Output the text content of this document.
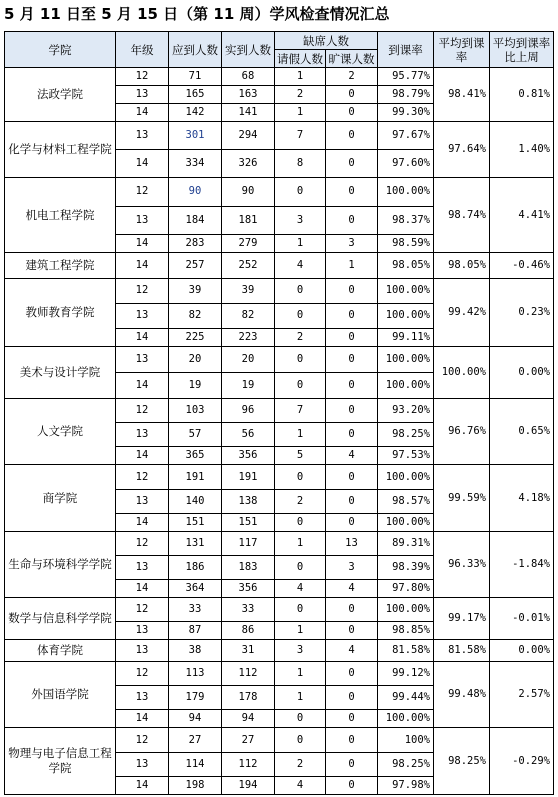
5 月 11 日至 5 月 15 日（第 11 周）学风检查情况汇总
学院	年级	应到人数	实到人数	缺席人数		到课率	平均到课率	平均到课率比上周
				请假人数	旷课人数			
法政学院	12	71	68	1	2	95.77%	98.41%	0.81%
	13	165	163	2	0	98.79%		
	14	142	141	1	0	99.30%		
化学与材料工程学院	13	301	294	7	0	97.67%	97.64%	1.40%
	14	334	326	8	0	97.60%		
机电工程学院	12	90	90	0	0	100.00%	98.74%	4.41%
	13	184	181	3	0	98.37%		
	14	283	279	1	3	98.59%		
建筑工程学院	14	257	252	4	1	98.05%	98.05%	-0.46%
教师教育学院	12	39	39	0	0	100.00%	99.42%	0.23%
	13	82	82	0	0	100.00%		
	14	225	223	2	0	99.11%		
美术与设计学院	13	20	20	0	0	100.00%	100.00%	0.00%
	14	19	19	0	0	100.00%		
人文学院	12	103	96	7	0	93.20%	96.76%	0.65%
	13	57	56	1	0	98.25%		
	14	365	356	5	4	97.53%		
商学院	12	191	191	0	0	100.00%	99.59%	4.18%
	13	140	138	2	0	98.57%		
	14	151	151	0	0	100.00%		
生命与环境科学学院	12	131	117	1	13	89.31%	96.33%	-1.84%
	13	186	183	0	3	98.39%		
	14	364	356	4	4	97.80%		
数学与信息科学学院	12	33	33	0	0	100.00%	99.17%	-0.01%
	13	87	86	1	0	98.85%		
体育学院	13	38	31	3	4	81.58%	81.58%	0.00%
外国语学院	12	113	112	1	0	99.12%	99.48%	2.57%
	13	179	178	1	0	99.44%		
	14	94	94	0	0	100.00%		
物理与电子信息工程学院	12	27	27	0	0	100%	98.25%	-0.29%
	13	114	112	2	0	98.25%		
	14	198	194	4	0	97.98%		
